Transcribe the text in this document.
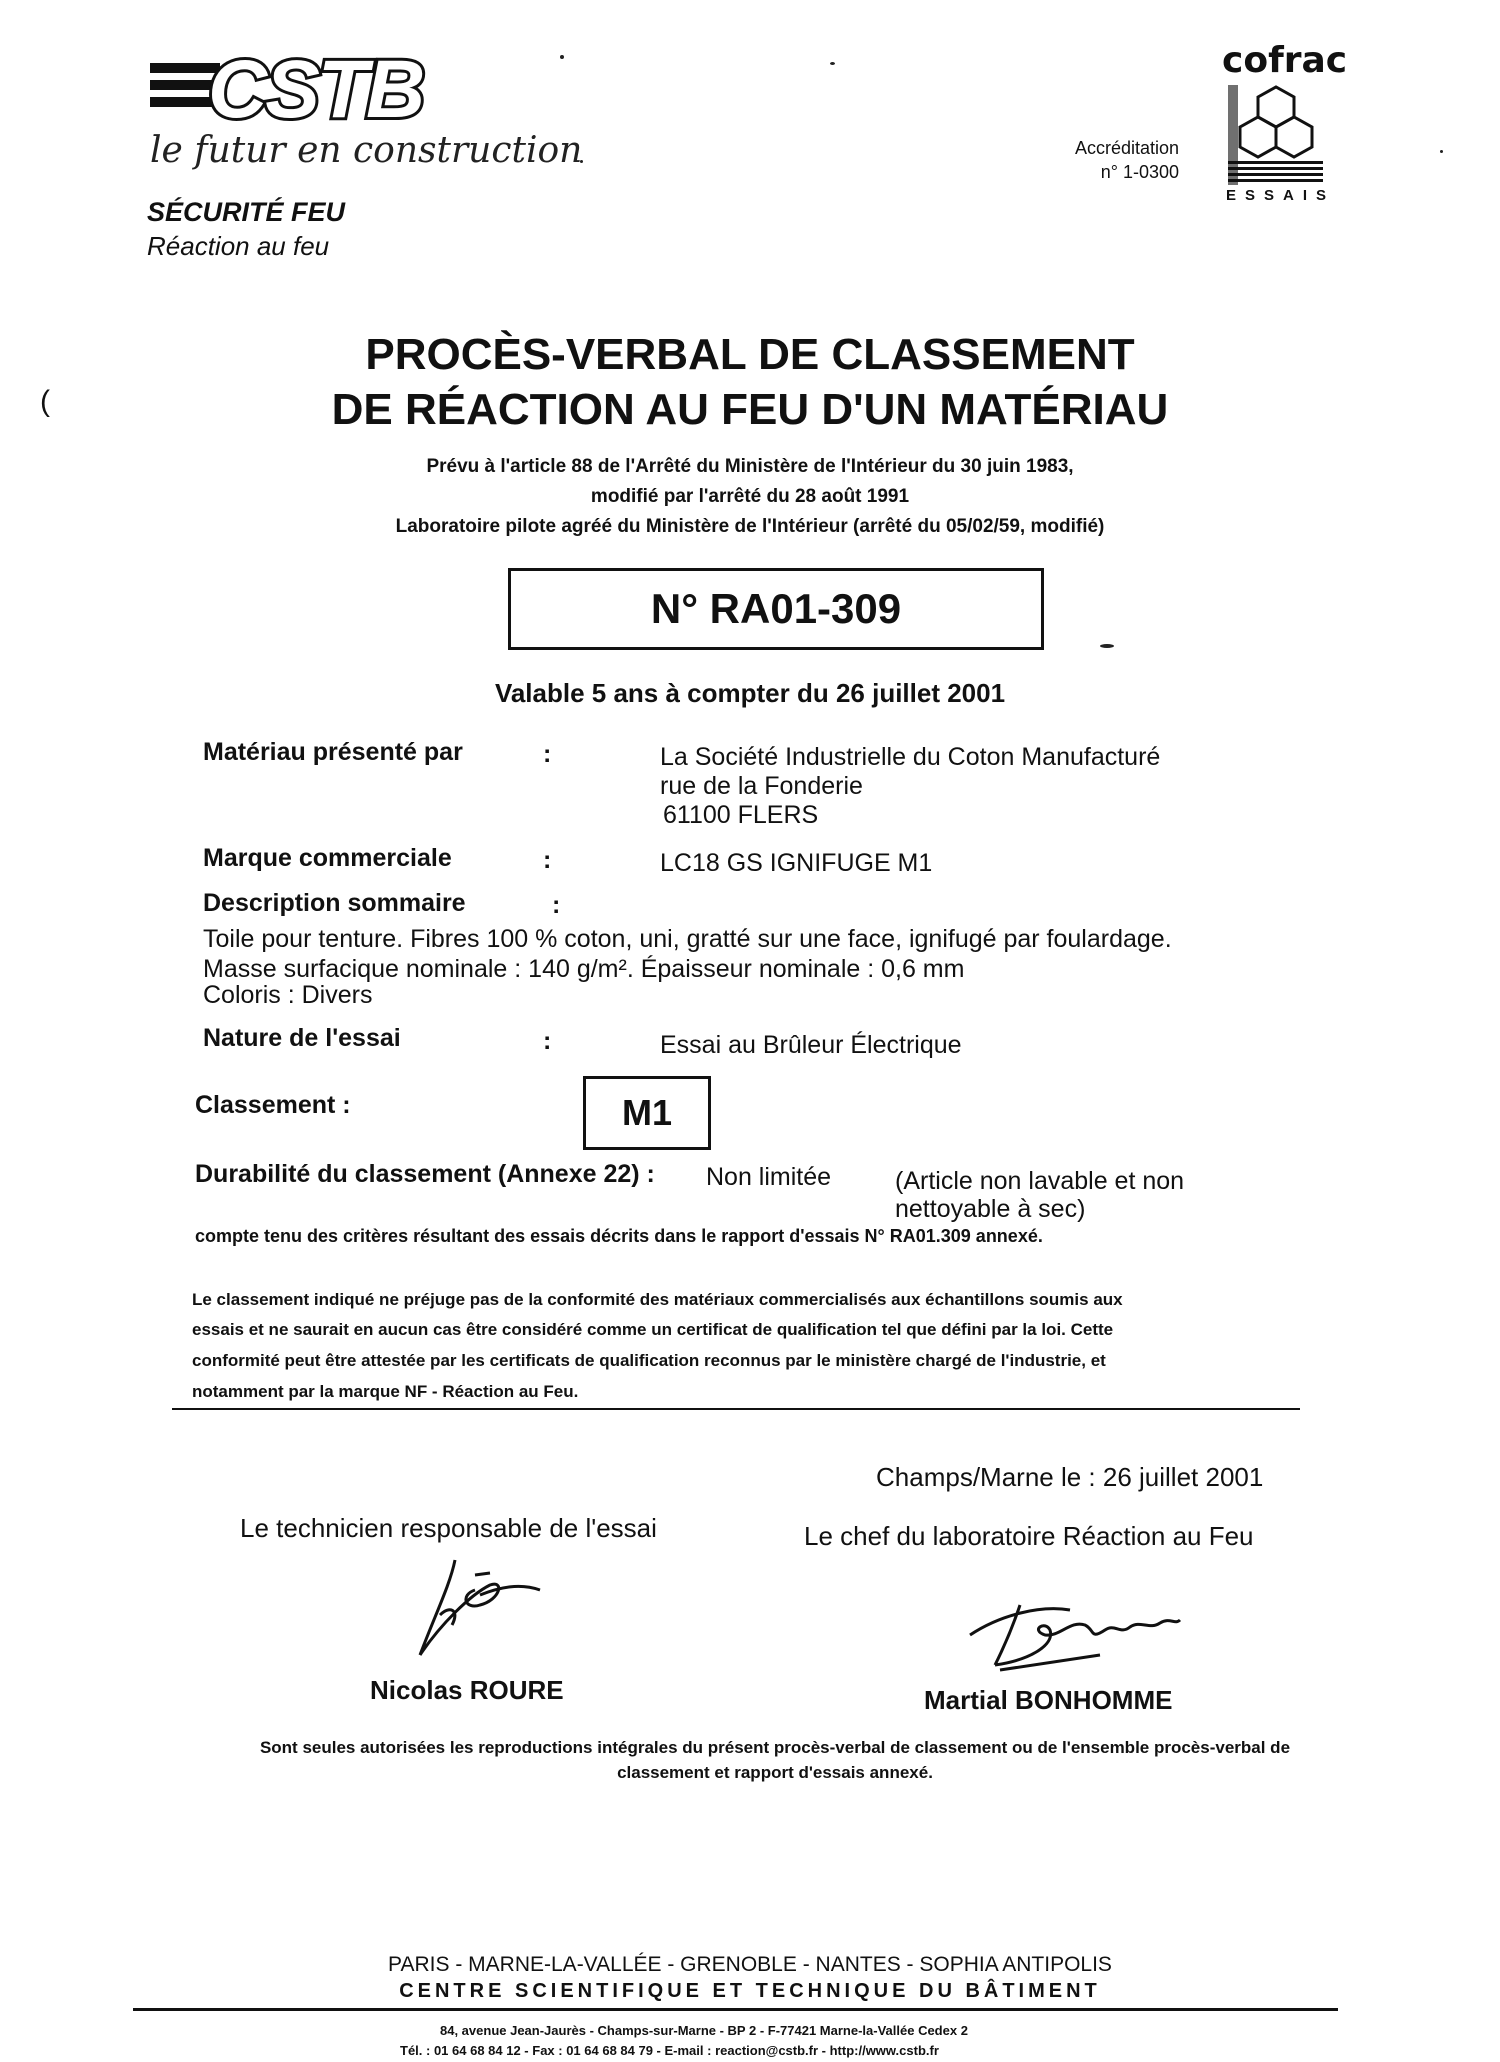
(
CSTB
le futur en construction
SÉCURITÉ FEU
Réaction au feu
cofrac
ESSAIS
Accréditation
n° 1-0300
PROCÈS-VERBAL DE CLASSEMENT
DE RÉACTION AU FEU D'UN MATÉRIAU
Prévu à l'article 88 de l'Arrêté du Ministère de l'Intérieur du 30 juin 1983,
modifié par l'arrêté du 28 août 1991
Laboratoire pilote agréé du Ministère de l'Intérieur (arrêté du 05/02/59, modifié)
N° RA01-309
Valable 5 ans à compter du 26 juillet 2001
Matériau présenté par	:	La Société Industrielle du Coton Manufacturé
rue de la Fonderie
61100 FLERS
Marque commerciale	:	LC18 GS IGNIFUGE M1
Description sommaire	:
Toile pour tenture. Fibres 100 % coton, uni, gratté sur une face, ignifugé par foulardage.
Masse surfacique nominale : 140 g/m². Épaisseur nominale : 0,6 mm
Coloris : Divers
Nature de l'essai	:	Essai au Brûleur Électrique
Classement :	M1
Durabilité du classement (Annexe 22) : Non limitée	(Article non lavable et non
nettoyable à sec)
compte tenu des critères résultant des essais décrits dans le rapport d'essais N° RA01.309 annexé.
Le classement indiqué ne préjuge pas de la conformité des matériaux commercialisés aux échantillons soumis aux
essais et ne saurait en aucun cas être considéré comme un certificat de qualification tel que défini par la loi. Cette
conformité peut être attestée par les certificats de qualification reconnus par le ministère chargé de l'industrie, et
notamment par la marque NF - Réaction au Feu.
Champs/Marne le : 26 juillet 2001
Le technicien responsable de l'essai	Le chef du laboratoire Réaction au Feu
Nicolas ROURE	Martial BONHOMME
Sont seules autorisées les reproductions intégrales du présent procès-verbal de classement ou de l'ensemble procès-verbal de
classement et rapport d'essais annexé.
PARIS - MARNE-LA-VALLÉE - GRENOBLE - NANTES - SOPHIA ANTIPOLIS
CENTRE SCIENTIFIQUE ET TECHNIQUE DU BÂTIMENT
84, avenue Jean-Jaurès - Champs-sur-Marne - BP 2 - F-77421 Marne-la-Vallée Cedex 2
Tél. : 01 64 68 84 12 - Fax : 01 64 68 84 79 - E-mail : reaction@cstb.fr - http://www.cstb.fr
